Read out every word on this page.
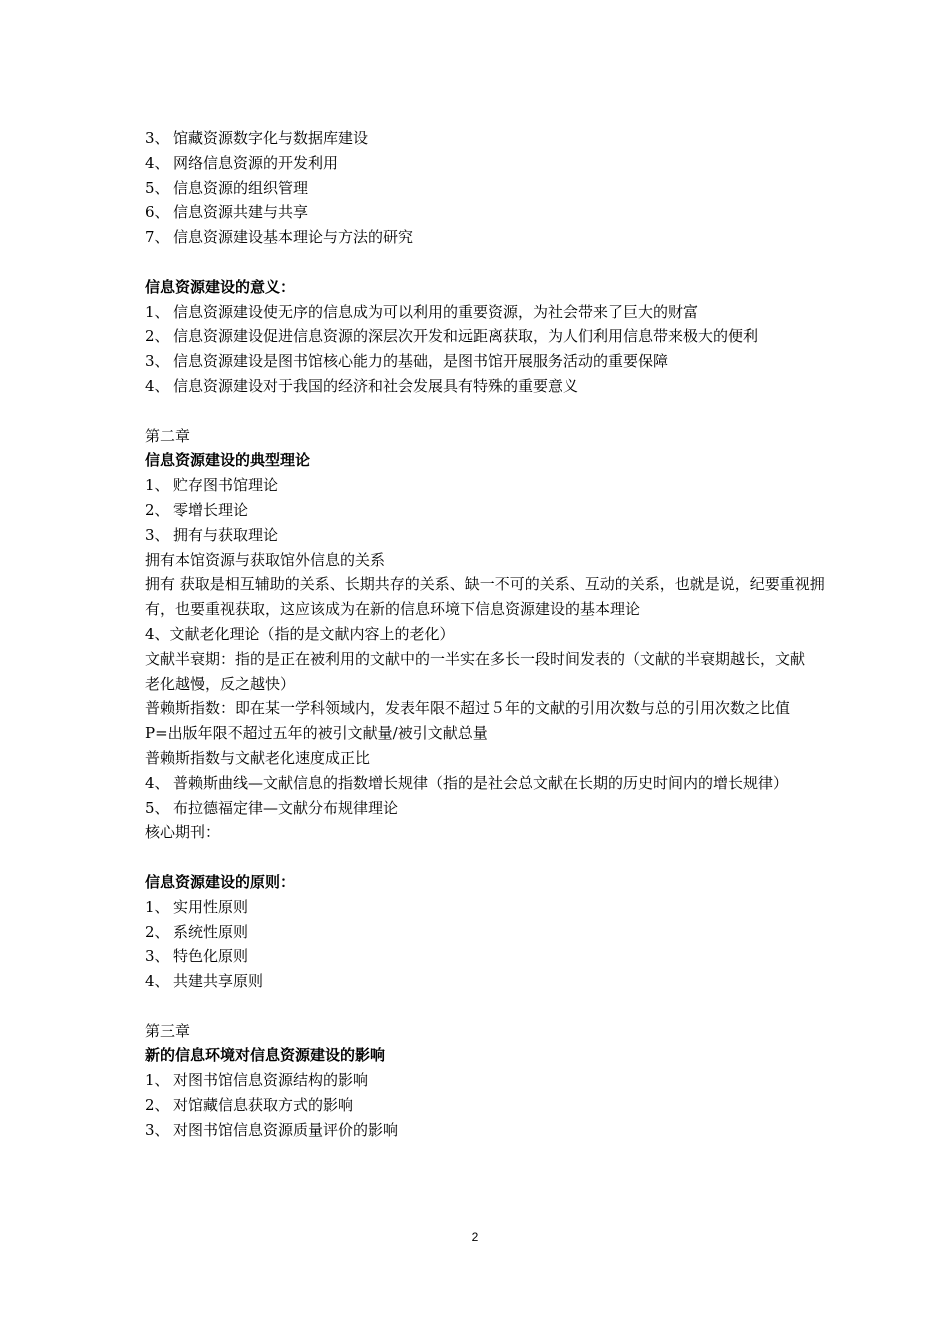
3、 馆藏资源数字化与数据库建设
4、 网络信息资源的开发利用
5、 信息资源的组织管理
6、 信息资源共建与共享
7、 信息资源建设基本理论与方法的研究
信息资源建设的意义：
1、 信息资源建设使无序的信息成为可以利用的重要资源，为社会带来了巨大的财富
2、 信息资源建设促进信息资源的深层次开发和远距离获取，为人们利用信息带来极大的便利
3、 信息资源建设是图书馆核心能力的基础，是图书馆开展服务活动的重要保障
4、 信息资源建设对于我国的经济和社会发展具有特殊的重要意义
第二章
信息资源建设的典型理论
1、 贮存图书馆理论
2、 零增长理论
3、 拥有与获取理论
拥有本馆资源与获取馆外信息的关系

拥有 获取是相互辅助的关系、长期共存的关系、缺一不可的关系、互动的关系，也就是说，纪要重视拥有，也要重视获取，这应该成为在新的信息环境下信息资源建设的基本理论

4、文献老化理论（指的是文献内容上的老化）

文献半衰期：指的是正在被利用的文献中的一半实在多长一段时间发表的（文献的半衰期越长，文献老化越慢，反之越快）

普赖斯指数：即在某一学科领域内，发表年限不超过５年的文献的引用次数与总的引用次数之比值

P=出版年限不超过五年的被引文献量/被引文献总量
普赖斯指数与文献老化速度成正比
4、 普赖斯曲线—文献信息的指数增长规律（指的是社会总文献在长期的历史时间内的增长规律）
5、 布拉德福定律—文献分布规律理论
核心期刊：
信息资源建设的原则：
1、 实用性原则
2、 系统性原则
3、 特色化原则
4、 共建共享原则
第三章
新的信息环境对信息资源建设的影响
1、 对图书馆信息资源结构的影响
2、 对馆藏信息获取方式的影响
3、 对图书馆信息资源质量评价的影响
2
